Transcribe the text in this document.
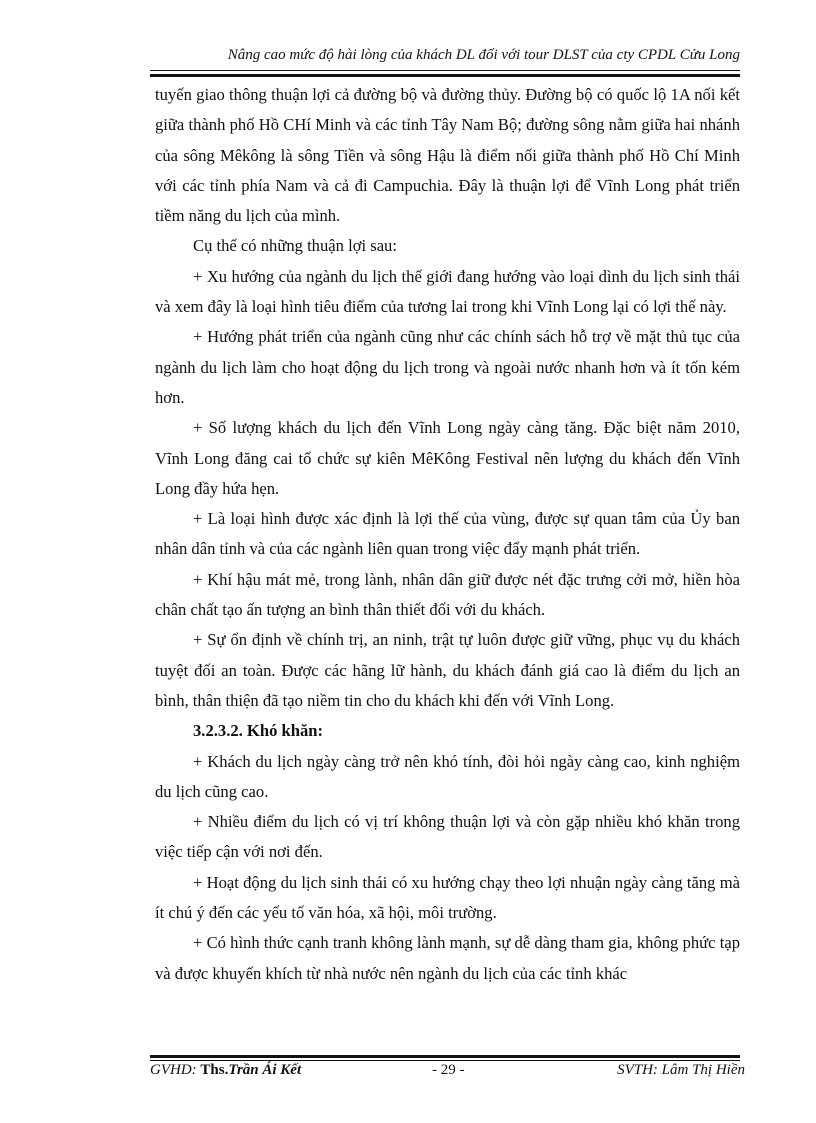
Nâng cao mức độ hài lòng của khách DL đối với tour DLST của cty CPDL Cửu Long

tuyến giao thông thuận lợi cả đường bộ và đường thủy. Đường bộ có quốc lộ 1A nối kết giữa thành phố Hồ CHí Minh và các tỉnh Tây Nam Bộ; đường sông nằm giữa hai nhánh của sông Mêkông là sông Tiền và sông Hậu là điểm nối giữa thành phố Hồ Chí Minh với các tỉnh phía Nam và cả đi Campuchia. Đây là thuận lợi để Vĩnh Long phát triển tiềm năng du lịch của mình.

Cụ thể có những thuận lợi sau:

+ Xu hướng của ngành du lịch thế giới đang hướng vào loại dình du lịch sinh thái và xem đây là loại hình tiêu điểm của tương lai trong khi Vĩnh Long lại có lợi thế này.

+ Hướng phát triển của ngành cũng như các chính sách hỗ trợ về mặt thủ tục của ngành du lịch làm cho hoạt động du lịch trong và ngoài nước nhanh hơn và ít tốn kém hơn.

+ Số lượng khách du lịch đến Vĩnh Long ngày càng tăng. Đặc biệt năm 2010, Vĩnh Long đăng cai tổ chức sự kiên MêKông Festival nên lượng du khách đến Vĩnh Long đầy hứa hẹn.

+ Là loại hình được xác định là lợi thế của vùng, được sự quan tâm của Ủy ban nhân dân tỉnh và của các ngành liên quan trong việc đẩy mạnh phát triển.

+ Khí hậu mát mẻ, trong lành, nhân dân giữ được nét đặc trưng cởi mở, hiền hòa chân chất tạo ấn tượng an bình thân thiết đối với du khách.

+ Sự ổn định về chính trị, an ninh, trật tự luôn được giữ vững, phục vụ du khách tuyệt đối an toàn. Được các hãng lữ hành, du khách đánh giá cao là điểm du lịch an bình, thân thiện đã tạo niềm tin cho du khách khi đến với Vĩnh Long.

3.2.3.2. Khó khăn:

+ Khách du lịch ngày càng trở nên khó tính, đòi hỏi ngày càng cao, kinh nghiệm du lịch cũng cao.

+ Nhiều điểm du lịch có vị trí không thuận lợi và còn gặp nhiều khó khăn trong việc tiếp cận với nơi đến.

+ Hoạt động du lịch sinh thái có xu hướng chạy theo lợi nhuận ngày càng tăng mà ít chú ý đến các yếu tố văn hóa, xã hội, môi trường.

+ Có hình thức cạnh tranh không lành mạnh, sự dễ dàng tham gia, không phức tạp và được khuyến khích từ nhà nước nên ngành du lịch của các tỉnh khác

GVHD: Ths.Trần Ái Kết	- 29 -	SVTH: Lâm Thị Hiền
